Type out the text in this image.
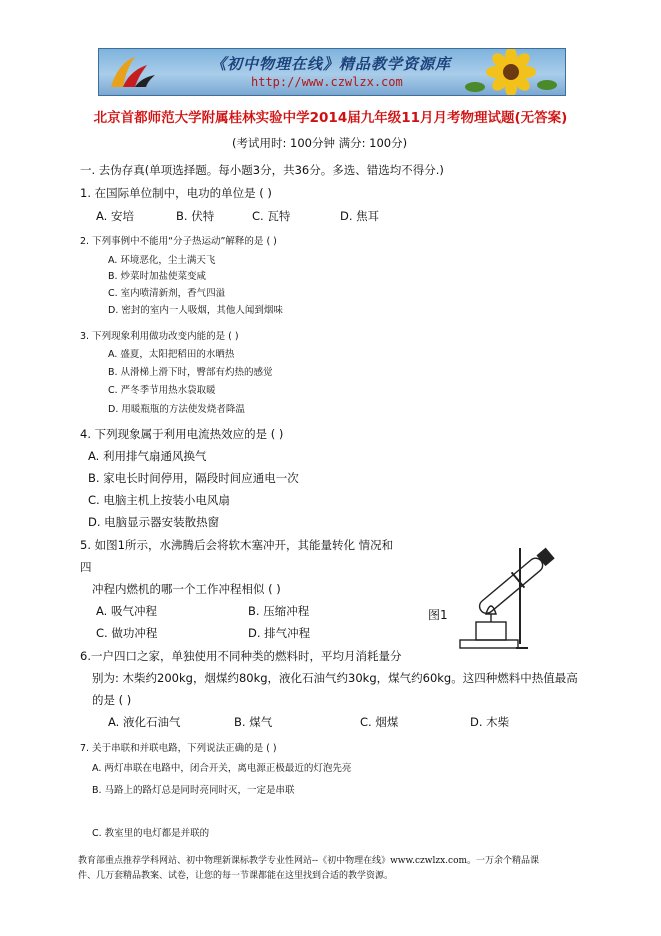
《初中物理在线》精品教学资源库
http://www.czwlzx.com
北京首都师范大学附属桂林实验中学2014届九年级11月月考物理试题(无答案)
(考试用时: 100分钟 满分: 100分)
一. 去伪存真(单项选择题。每小题3分，共36分。多选、错选均不得分.)
1. 在国际单位制中，电功的单位是 ( )
A. 安培	B. 伏特	C. 瓦特	D. 焦耳
2. 下列事例中不能用“分子热运动”解释的是 ( )
A. 环境恶化，尘土满天飞
B. 炒菜时加盐使菜变咸
C. 室内喷清新剂，香气四溢
D. 密封的室内一人吸烟，其他人闻到烟味
3. 下列现象利用做功改变内能的是 ( )
A. 盛夏，太阳把稻田的水晒热
B. 从滑梯上滑下时，臀部有灼热的感觉
C. 严冬季节用热水袋取暖
D. 用暖瓶瓶的方法使发烧者降温
4. 下列现象属于利用电流热效应的是 ( )
A. 利用排气扇通风换气
B. 家电长时间停用，隔段时间应通电一次
C. 电脑主机上按装小电风扇
D. 电脑显示器安装散热窗
5. 如图1所示，水沸腾后会将软木塞冲开，其能量转化 情况和
四
冲程内燃机的哪一个工作冲程相似 ( )
A. 吸气冲程	B. 压缩冲程
C. 做功冲程	D. 排气冲程
图1
6.一户四口之家，单独使用不同种类的燃料时，平均月消耗量分
别为: 木柴约200kg，烟煤约80kg，液化石油气约30kg，煤气约60kg。这四种燃料中热值最高
的是 ( )
A. 液化石油气	B. 煤气	C. 烟煤	D. 木柴
7. 关于串联和并联电路，下列说法正确的是 ( )
A. 两灯串联在电路中，闭合开关，离电源正极最近的灯泡先亮
B. 马路上的路灯总是同时亮同时灭，一定是串联
C. 教室里的电灯都是并联的
教育部重点推荐学科网站、初中物理新课标教学专业性网站--《初中物理在线》www.czwlzx.com。一万余个精品课
件、几万套精品教案、试卷，让您的每一节课都能在这里找到合适的教学资源。
